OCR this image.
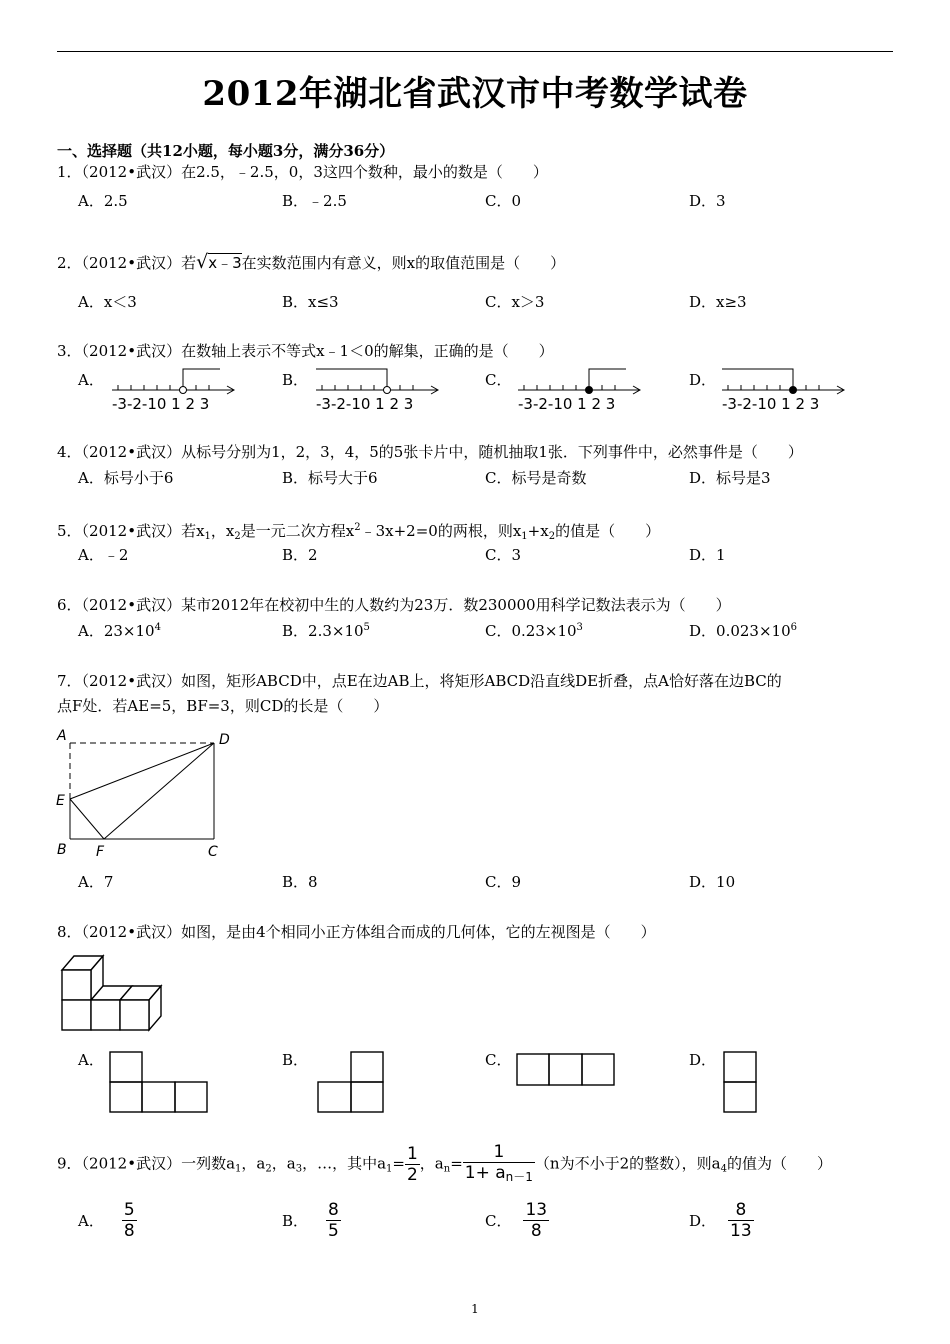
2012年湖北省武汉市中考数学试卷
一、选择题（共12小题，每小题3分，满分36分）
1．（2012•武汉）在2.5，﹣2.5，0，3这四个数种，最小的数是（　　）
A．2.5	B．﹣2.5	C．0	D．3
2．（2012•武汉）若√x﹣3在实数范围内有意义，则x的取值范围是（　　）
A．x＜3	B．x≤3	C．x＞3	D．x≥3
3．（2012•武汉）在数轴上表示不等式x﹣1＜0的解集，正确的是（　　）
A．	B．	C．	D．
-3-2-10 1 2 3	-3-2-10 1 2 3	-3-2-10 1 2 3	-3-2-10 1 2 3
4．（2012•武汉）从标号分别为1，2，3，4，5的5张卡片中，随机抽取1张．下列事件中，必然事件是（　　）
A．标号小于6	B．标号大于6	C．标号是奇数	D．标号是3
5．（2012•武汉）若$x_1$，$x_2$是一元二次方程$x^2﹣3x+2=0$的两根，则$x_1+x_2$的值是（　　）
A．﹣2	B．2	C．3	D．1
6．（2012•武汉）某市2012年在校初中生的人数约为23万．数230000用科学记数法表示为（　　）
A．$23\times 10^4$	B．$2.3\times 10^5$	C．$0.23\times 10^3$	D．$0.023\times 10^6$
7．（2012•武汉）如图，矩形ABCD中，点E在边AB上，将矩形ABCD沿直线DE折叠，点A恰好落在边BC的
点F处．若AE=5，BF=3，则CD的长是（　　）
A	D
E
B F	C
A．7	B．8	C．9	D．10
8．（2012•武汉）如图，是由4个相同小正方体组合而成的几何体，它的左视图是（　　）
A．	B．	C．	D．
9．（2012•武汉）一列数$a_1$，$a_2$，$a_3$，…，其中$a_1= \frac{1}{2}$ ，$a_n= \frac{1}{1+ a_{n-1}} (n$为不小于2的整数），则$a_4$的值为（　　）
A． $\frac{5}{8}$	B． $\frac{8}{5}$	C． $\frac{13}{8}$	D． $\frac{8}{13}$
1
